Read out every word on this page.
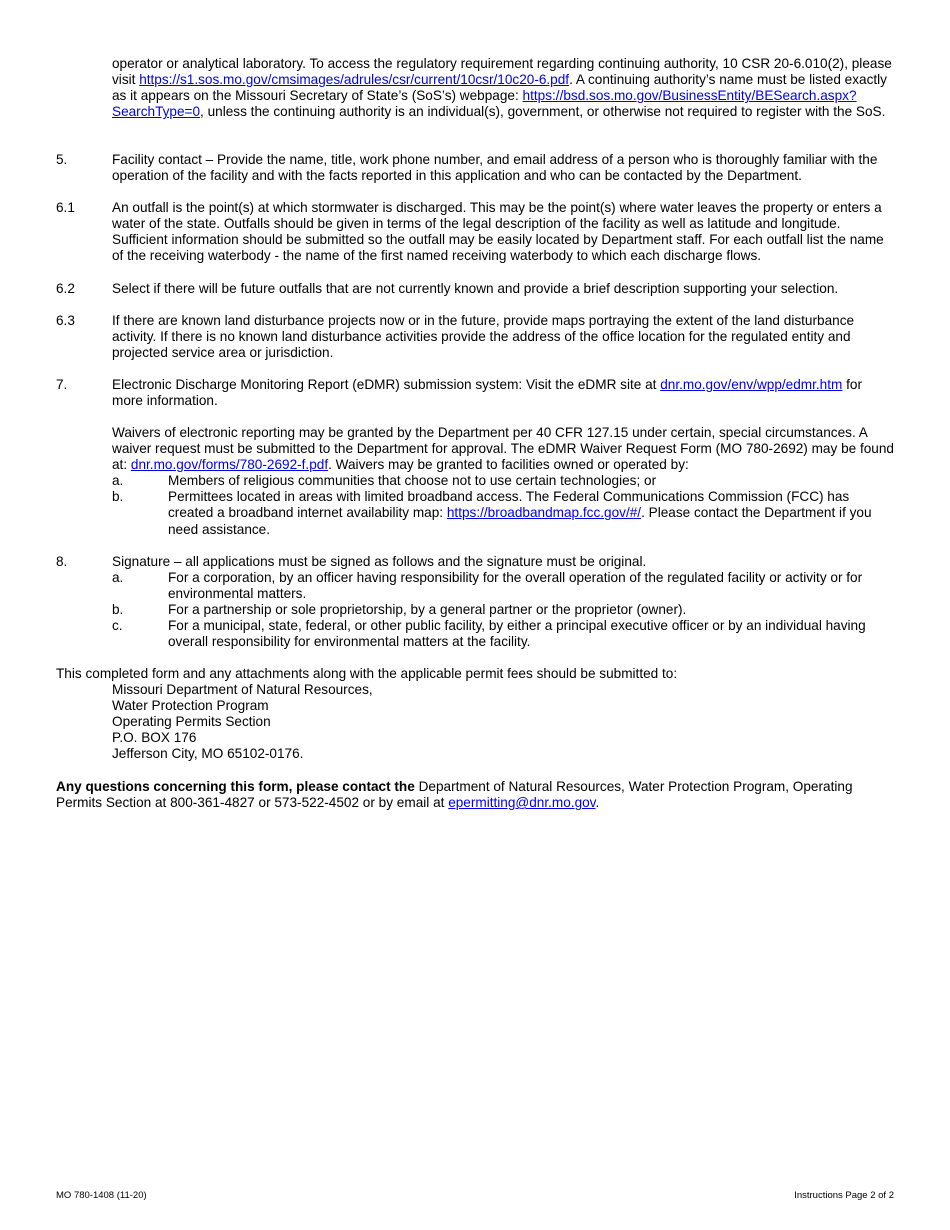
operator or analytical laboratory. To access the regulatory requirement regarding continuing authority, 10 CSR 20-6.010(2), please visit https://s1.sos.mo.gov/cmsimages/adrules/csr/current/10csr/10c20-6.pdf. A continuing authority’s name must be listed exactly as it appears on the Missouri Secretary of State’s (SoS’s) webpage: https://bsd.sos.mo.gov/BusinessEntity/BESearch.aspx?SearchType=0, unless the continuing authority is an individual(s), government, or otherwise not required to register with the SoS.
5.	Facility contact – Provide the name, title, work phone number, and email address of a person who is thoroughly familiar with the operation of the facility and with the facts reported in this application and who can be contacted by the Department.
6.1	An outfall is the point(s) at which stormwater is discharged. This may be the point(s) where water leaves the property or enters a water of the state. Outfalls should be given in terms of the legal description of the facility as well as latitude and longitude. Sufficient information should be submitted so the outfall may be easily located by Department staff. For each outfall list the name of the receiving waterbody - the name of the first named receiving waterbody to which each discharge flows.
6.2	Select if there will be future outfalls that are not currently known and provide a brief description supporting your selection.
6.3	If there are known land disturbance projects now or in the future, provide maps portraying the extent of the land disturbance activity. If there is no known land disturbance activities provide the address of the office location for the regulated entity and projected service area or jurisdiction.
7.	Electronic Discharge Monitoring Report (eDMR) submission system: Visit the eDMR site at dnr.mo.gov/env/wpp/edmr.htm for more information.
Waivers of electronic reporting may be granted by the Department per 40 CFR 127.15 under certain, special circumstances. A waiver request must be submitted to the Department for approval. The eDMR Waiver Request Form (MO 780-2692) may be found at: dnr.mo.gov/forms/780-2692-f.pdf. Waivers may be granted to facilities owned or operated by:
a.	Members of religious communities that choose not to use certain technologies; or
b.	Permittees located in areas with limited broadband access. The Federal Communications Commission (FCC) has created a broadband internet availability map: https://broadbandmap.fcc.gov/#/. Please contact the Department if you need assistance.
8.	Signature – all applications must be signed as follows and the signature must be original.
a.	For a corporation, by an officer having responsibility for the overall operation of the regulated facility or activity or for environmental matters.
b.	For a partnership or sole proprietorship, by a general partner or the proprietor (owner).
c.	For a municipal, state, federal, or other public facility, by either a principal executive officer or by an individual having overall responsibility for environmental matters at the facility.
This completed form and any attachments along with the applicable permit fees should be submitted to:
Missouri Department of Natural Resources,
Water Protection Program
Operating Permits Section
P.O. BOX 176
Jefferson City, MO 65102-0176.
Any questions concerning this form, please contact the Department of Natural Resources, Water Protection Program, Operating Permits Section at 800-361-4827 or 573-522-4502 or by email at epermitting@dnr.mo.gov.
MO 780-1408 (11-20)	Instructions Page 2 of 2
